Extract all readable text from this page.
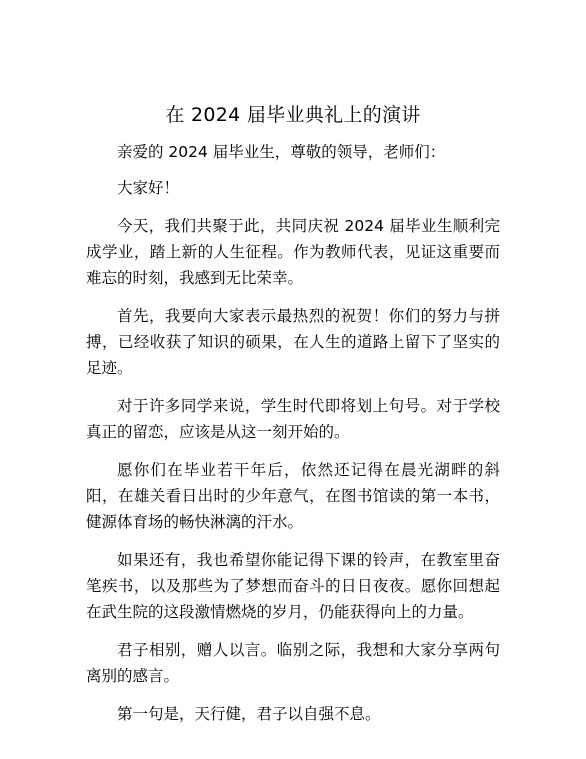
在 2024 届毕业典礼上的演讲

亲爱的 2024 届毕业生，尊敬的领导，老师们：

大家好！

今天，我们共聚于此，共同庆祝 2024 届毕业生顺利完成学业，踏上新的人生征程。作为教师代表，见证这重要而难忘的时刻，我感到无比荣幸。

首先，我要向大家表示最热烈的祝贺！你们的努力与拼搏，已经收获了知识的硕果，在人生的道路上留下了坚实的足迹。

对于许多同学来说，学生时代即将划上句号。对于学校真正的留恋，应该是从这一刻开始的。

愿你们在毕业若干年后，依然还记得在晨光湖畔的斜阳，在雄关看日出时的少年意气，在图书馆读的第一本书，健源体育场的畅快淋漓的汗水。

如果还有，我也希望你能记得下课的铃声，在教室里奋笔疾书，以及那些为了梦想而奋斗的日日夜夜。愿你回想起在武生院的这段激情燃烧的岁月，仍能获得向上的力量。

君子相别，赠人以言。临别之际，我想和大家分享两句离别的感言。

第一句是，天行健，君子以自强不息。
